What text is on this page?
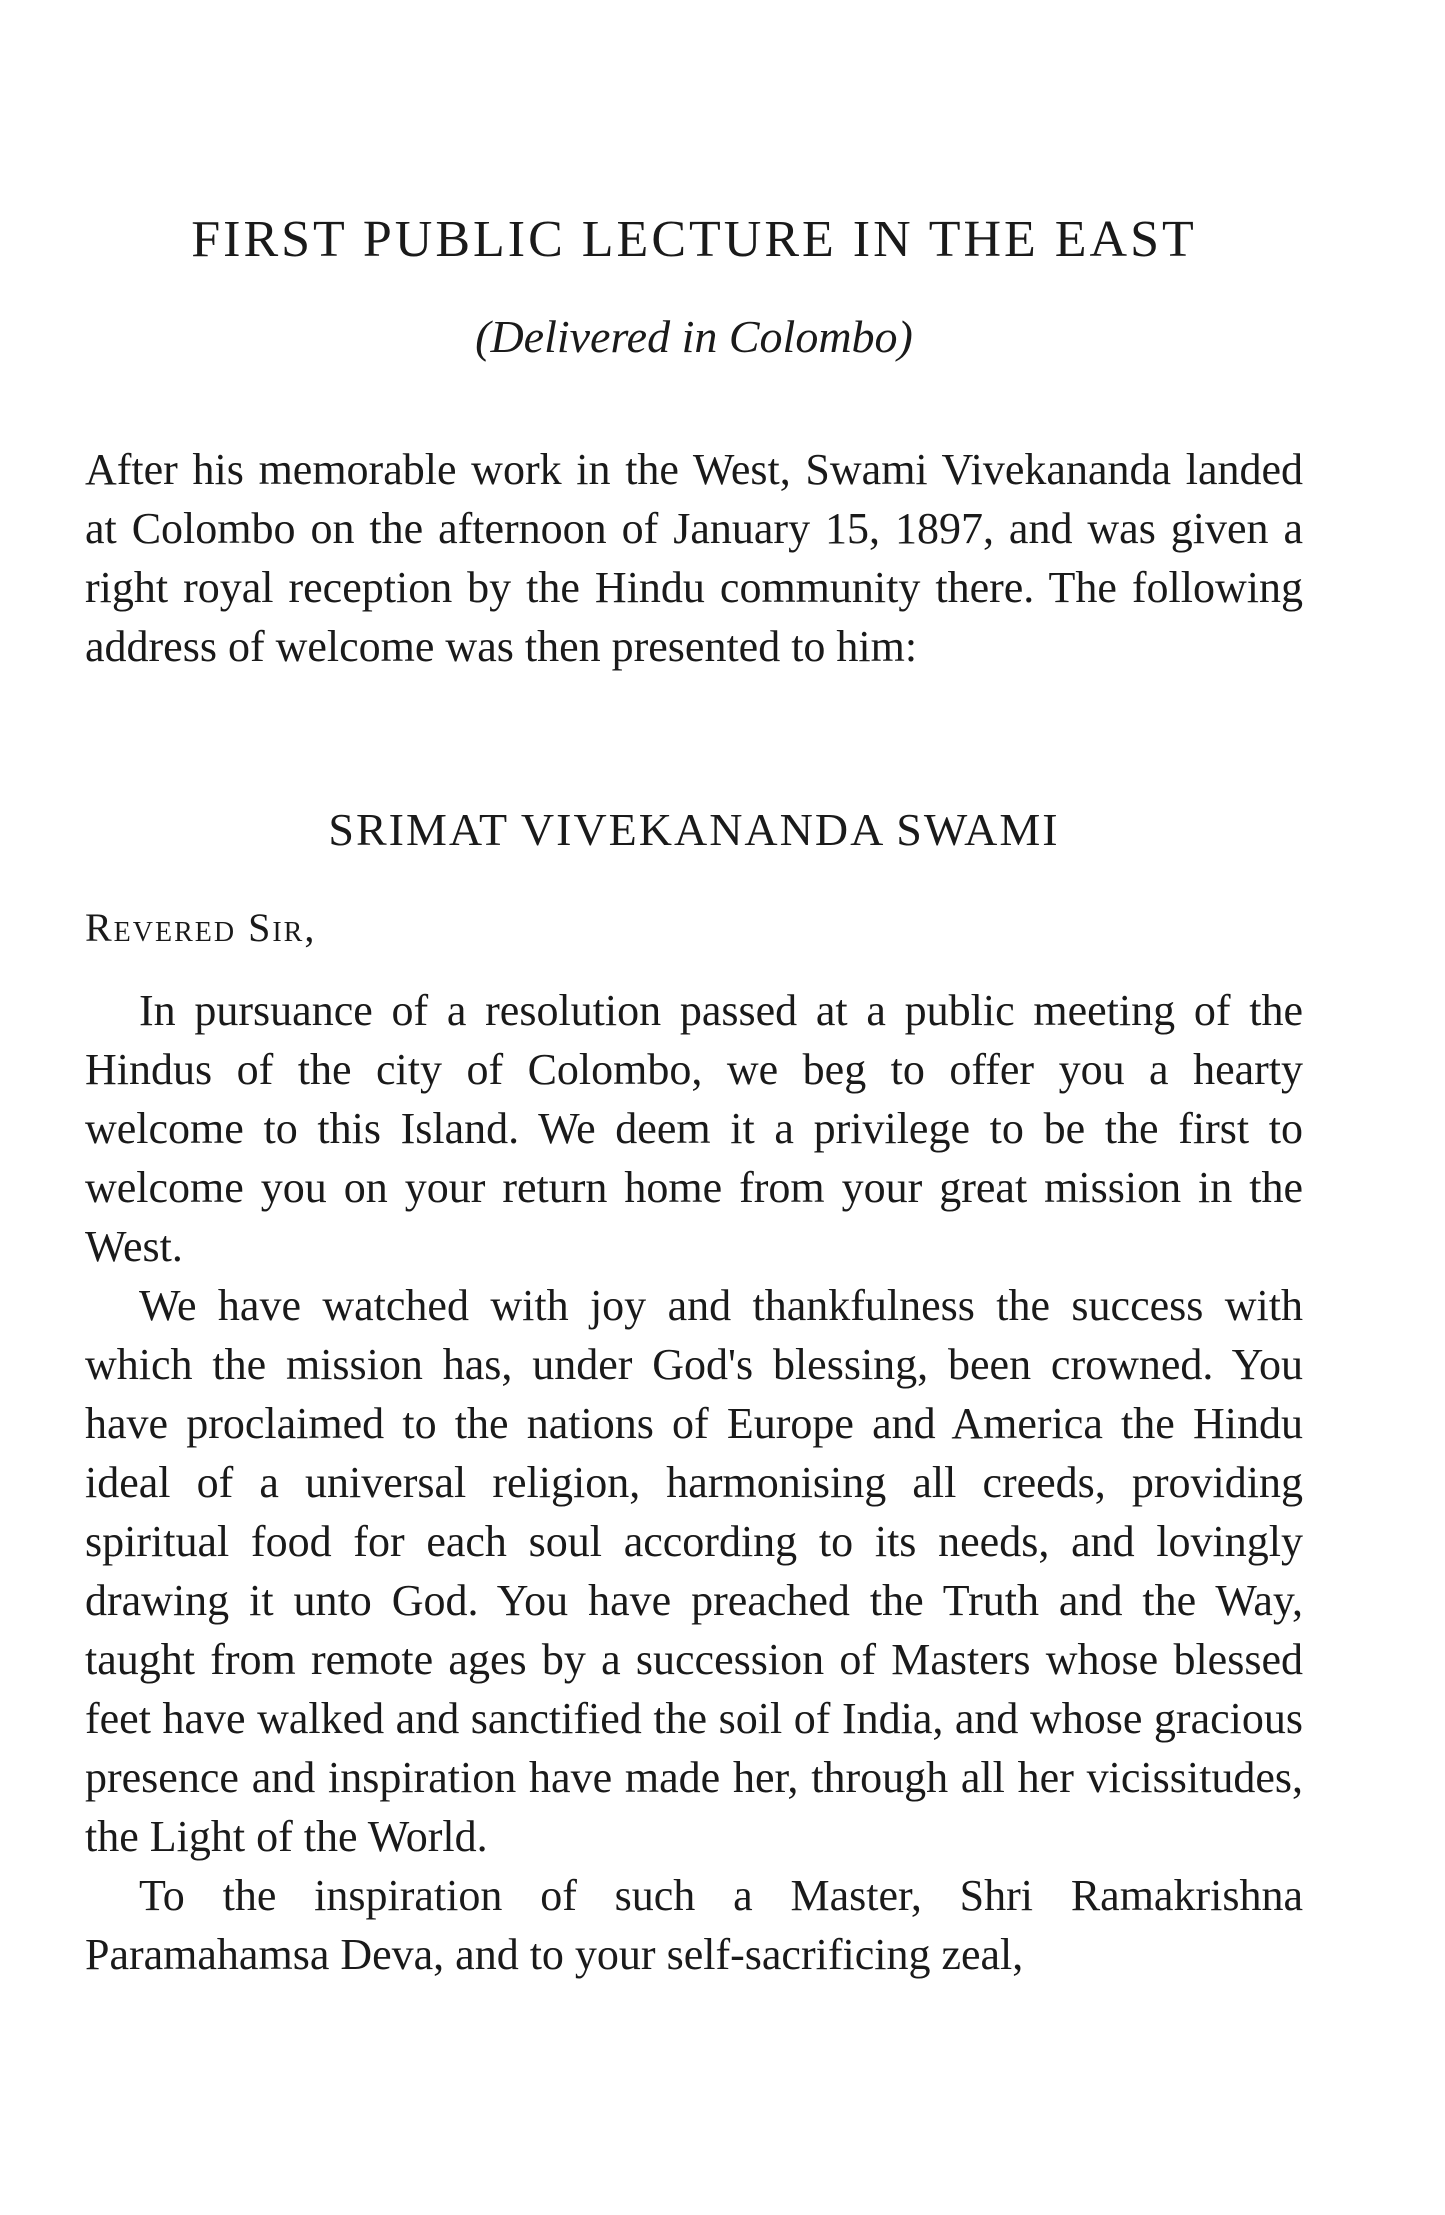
FIRST PUBLIC LECTURE IN THE EAST

(Delivered in Colombo)

After his memorable work in the West, Swami Vivekananda landed at Colombo on the afternoon of January 15, 1897, and was given a right royal reception by the Hindu community there. The following address of welcome was then presented to him:

SRIMAT VIVEKANANDA SWAMI

Revered Sir,

In pursuance of a resolution passed at a public meeting of the Hindus of the city of Colombo, we beg to offer you a hearty welcome to this Island. We deem it a privilege to be the first to welcome you on your return home from your great mission in the West.

We have watched with joy and thankfulness the success with which the mission has, under God's blessing, been crowned. You have proclaimed to the nations of Europe and America the Hindu ideal of a universal religion, harmonising all creeds, providing spiritual food for each soul according to its needs, and lovingly drawing it unto God. You have preached the Truth and the Way, taught from remote ages by a succession of Masters whose blessed feet have walked and sanctified the soil of India, and whose gracious presence and inspiration have made her, through all her vicissitudes, the Light of the World.

To the inspiration of such a Master, Shri Ramakrishna Paramahamsa Deva, and to your self-sacrificing zeal,
